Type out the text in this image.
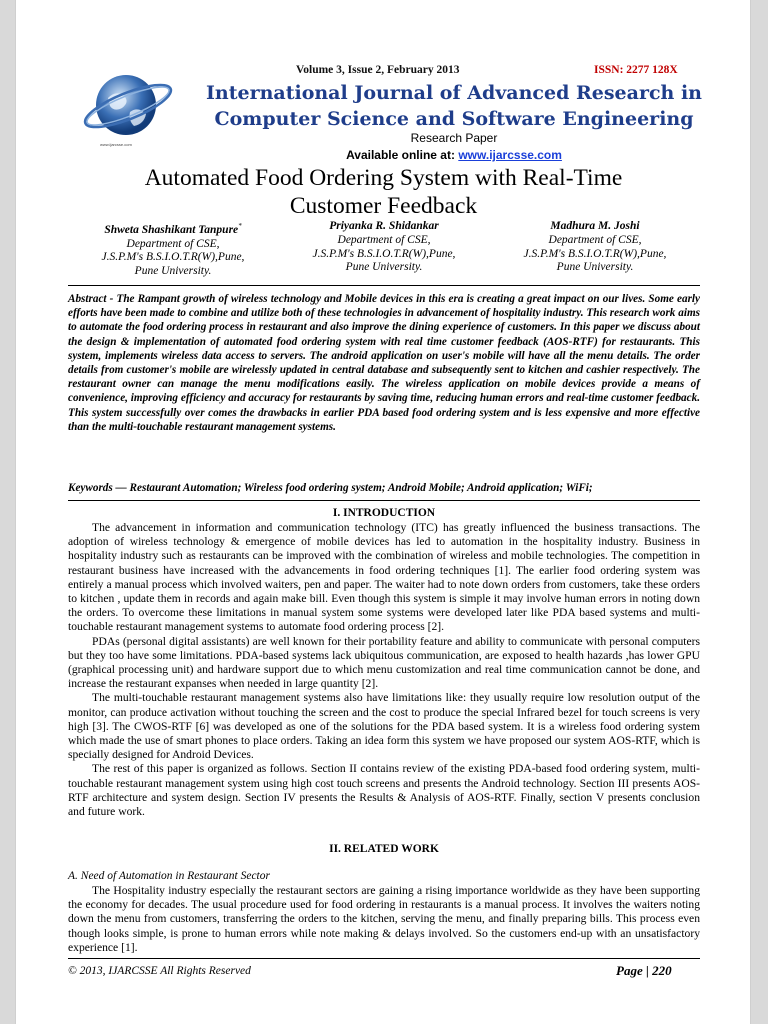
www.ijarcsse.com
Volume 3, Issue 2, February 2013	ISSN: 2277 128X
International Journal of Advanced Research in
Computer Science and Software Engineering
Research Paper
Available online at: www.ijarcsse.com
Automated Food Ordering System with Real-Time
Customer Feedback
Shweta Shashikant Tanpure*
Department of CSE,
J.S.P.M's B.S.I.O.T.R(W),Pune,
Pune University.
Priyanka R. Shidankar
Department of CSE,
J.S.P.M's B.S.I.O.T.R(W),Pune,
Pune University.
Madhura M. Joshi
Department of CSE,
J.S.P.M's B.S.I.O.T.R(W),Pune,
Pune University.
Abstract - The Rampant growth of wireless technology and Mobile devices in this era is creating a great impact on our lives. Some early efforts have been made to combine and utilize both of these technologies in advancement of hospitality industry. This research work aims to automate the food ordering process in restaurant and also improve the dining experience of customers. In this paper we discuss about the design & implementation of automated food ordering system with real time customer feedback (AOS-RTF) for restaurants. This system, implements wireless data access to servers. The android application on user's mobile will have all the menu details. The order details from customer's mobile are wirelessly updated in central database and subsequently sent to kitchen and cashier respectively. The restaurant owner can manage the menu modifications easily. The wireless application on mobile devices provide a means of convenience, improving efficiency and accuracy for restaurants by saving time, reducing human errors and real-time customer feedback. This system successfully over comes the drawbacks in earlier PDA based food ordering system and is less expensive and more effective than the multi-touchable restaurant management systems.
Keywords — Restaurant Automation; Wireless food ordering system; Android Mobile; Android application; WiFi;
I. INTRODUCTION

The advancement in information and communication technology (ITC) has greatly influenced the business transactions. The adoption of wireless technology & emergence of mobile devices has led to automation in the hospitality industry. Business in hospitality industry such as restaurants can be improved with the combination of wireless and mobile technologies. The competition in restaurant business have increased with the advancements in food ordering techniques [1]. The earlier food ordering system was entirely a manual process which involved waiters, pen and paper. The waiter had to note down orders from customers, take these orders to kitchen , update them in records and again make bill. Even though this system is simple it may involve human errors in noting down the orders. To overcome these limitations in manual system some systems were developed later like PDA based systems and multi-touchable restaurant management systems to automate food ordering process [2].

PDAs (personal digital assistants) are well known for their portability feature and ability to communicate with personal computers but they too have some limitations. PDA-based systems lack ubiquitous communication, are exposed to health hazards ,has lower GPU (graphical processing unit) and hardware support due to which menu customization and real time communication cannot be done, and increase the restaurant expanses when needed in large quantity [2].

The multi-touchable restaurant management systems also have limitations like: they usually require low resolution output of the monitor, can produce activation without touching the screen and the cost to produce the special Infrared bezel for touch screens is very high [3]. The CWOS-RTF [6] was developed as one of the solutions for the PDA based system. It is a wireless food ordering system which made the use of smart phones to place orders. Taking an idea form this system we have proposed our system AOS-RTF, which is specially designed for Android Devices.

The rest of this paper is organized as follows. Section II contains review of the existing PDA-based food ordering system, multi-touchable restaurant management system using high cost touch screens and presents the Android technology. Section III presents AOS-RTF architecture and system design. Section IV presents the Results & Analysis of AOS-RTF. Finally, section V presents conclusion and future work.

II. RELATED WORK
A. Need of Automation in Restaurant Sector

The Hospitality industry especially the restaurant sectors are gaining a rising importance worldwide as they have been supporting the economy for decades. The usual procedure used for food ordering in restaurants is a manual process. It involves the waiters noting down the menu from customers, transferring the orders to the kitchen, serving the menu, and finally preparing bills. This process even though looks simple, is prone to human errors while note making & delays involved. So the customers end-up with an unsatisfactory experience [1].

© 2013, IJARCSSE All Rights Reserved	Page | 220
